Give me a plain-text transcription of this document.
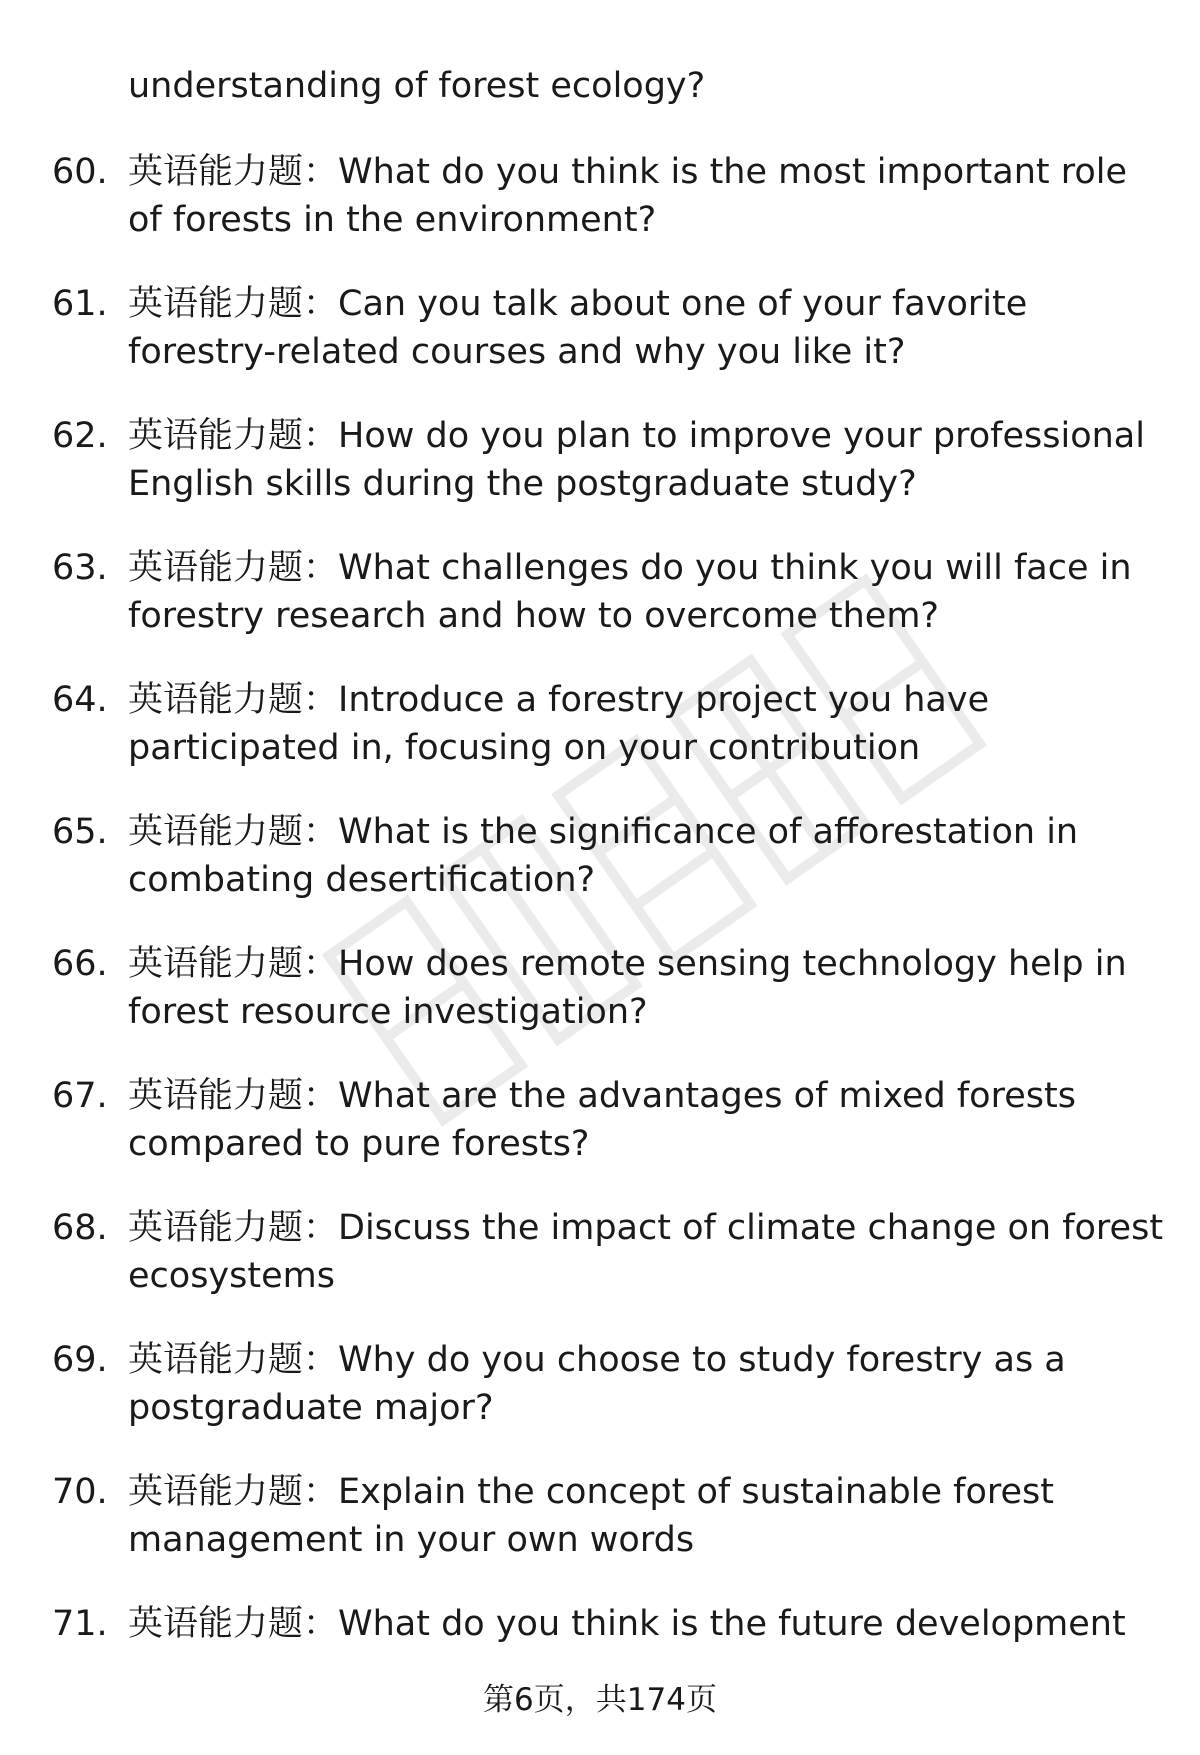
understanding of forest ecology?
60. 英语能力题：What do you think is the most important role
of forests in the environment?
61. 英语能力题：Can you talk about one of your favorite
forestry-related courses and why you like it?
62. 英语能力题：How do you plan to improve your professional
English skills during the postgraduate study?
63. 英语能力题：What challenges do you think you will face in
forestry research and how to overcome them?
64. 英语能力题：Introduce a forestry project you have
participated in, focusing on your contribution
65. 英语能力题：What is the significance of afforestation in
combating desertification?
66. 英语能力题：How does remote sensing technology help in
forest resource investigation?
67. 英语能力题：What are the advantages of mixed forests
compared to pure forests?
68. 英语能力题：Discuss the impact of climate change on forest
ecosystems
69. 英语能力题：Why do you choose to study forestry as a
postgraduate major?
70. 英语能力题：Explain the concept of sustainable forest
management in your own words
71. 英语能力题：What do you think is the future development
第6页，共174页
